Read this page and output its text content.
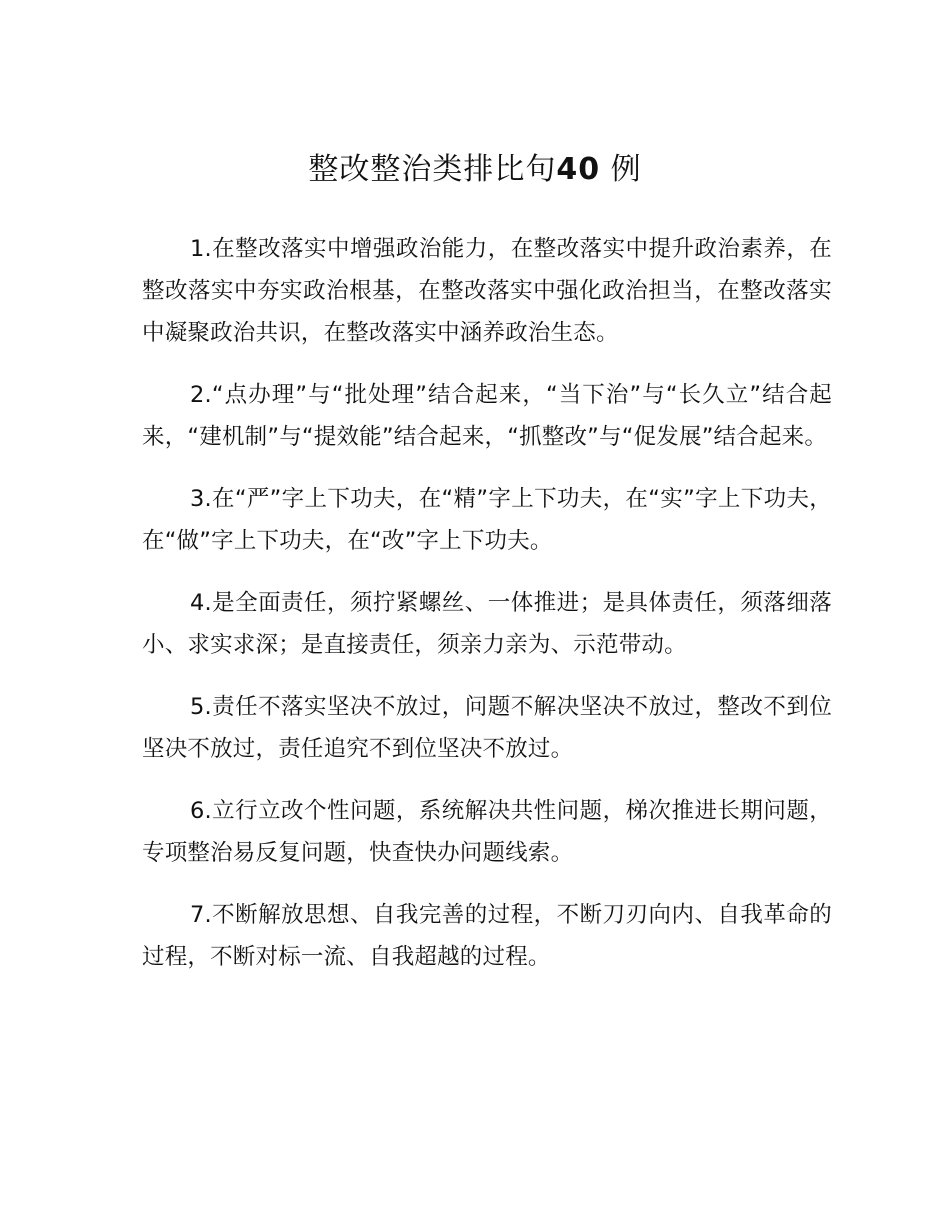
整改整治类排比句40 例

1.在整改落实中增强政治能力，在整改落实中提升政治素养，在整改落实中夯实政治根基，在整改落实中强化政治担当，在整改落实中凝聚政治共识，在整改落实中涵养政治生态。

2.“点办理”与“批处理”结合起来，“当下治”与“长久立”结合起来，“建机制”与“提效能”结合起来，“抓整改”与“促发展”结合起来。

3.在“严”字上下功夫，在“精”字上下功夫，在“实”字上下功夫，在“做”字上下功夫，在“改”字上下功夫。

4.是全面责任，须拧紧螺丝、一体推进；是具体责任，须落细落小、求实求深；是直接责任，须亲力亲为、示范带动。

5.责任不落实坚决不放过，问题不解决坚决不放过，整改不到位坚决不放过，责任追究不到位坚决不放过。

6.立行立改个性问题，系统解决共性问题，梯次推进长期问题，专项整治易反复问题，快查快办问题线索。

7.不断解放思想、自我完善的过程，不断刀刃向内、自我革命的过程，不断对标一流、自我超越的过程。
